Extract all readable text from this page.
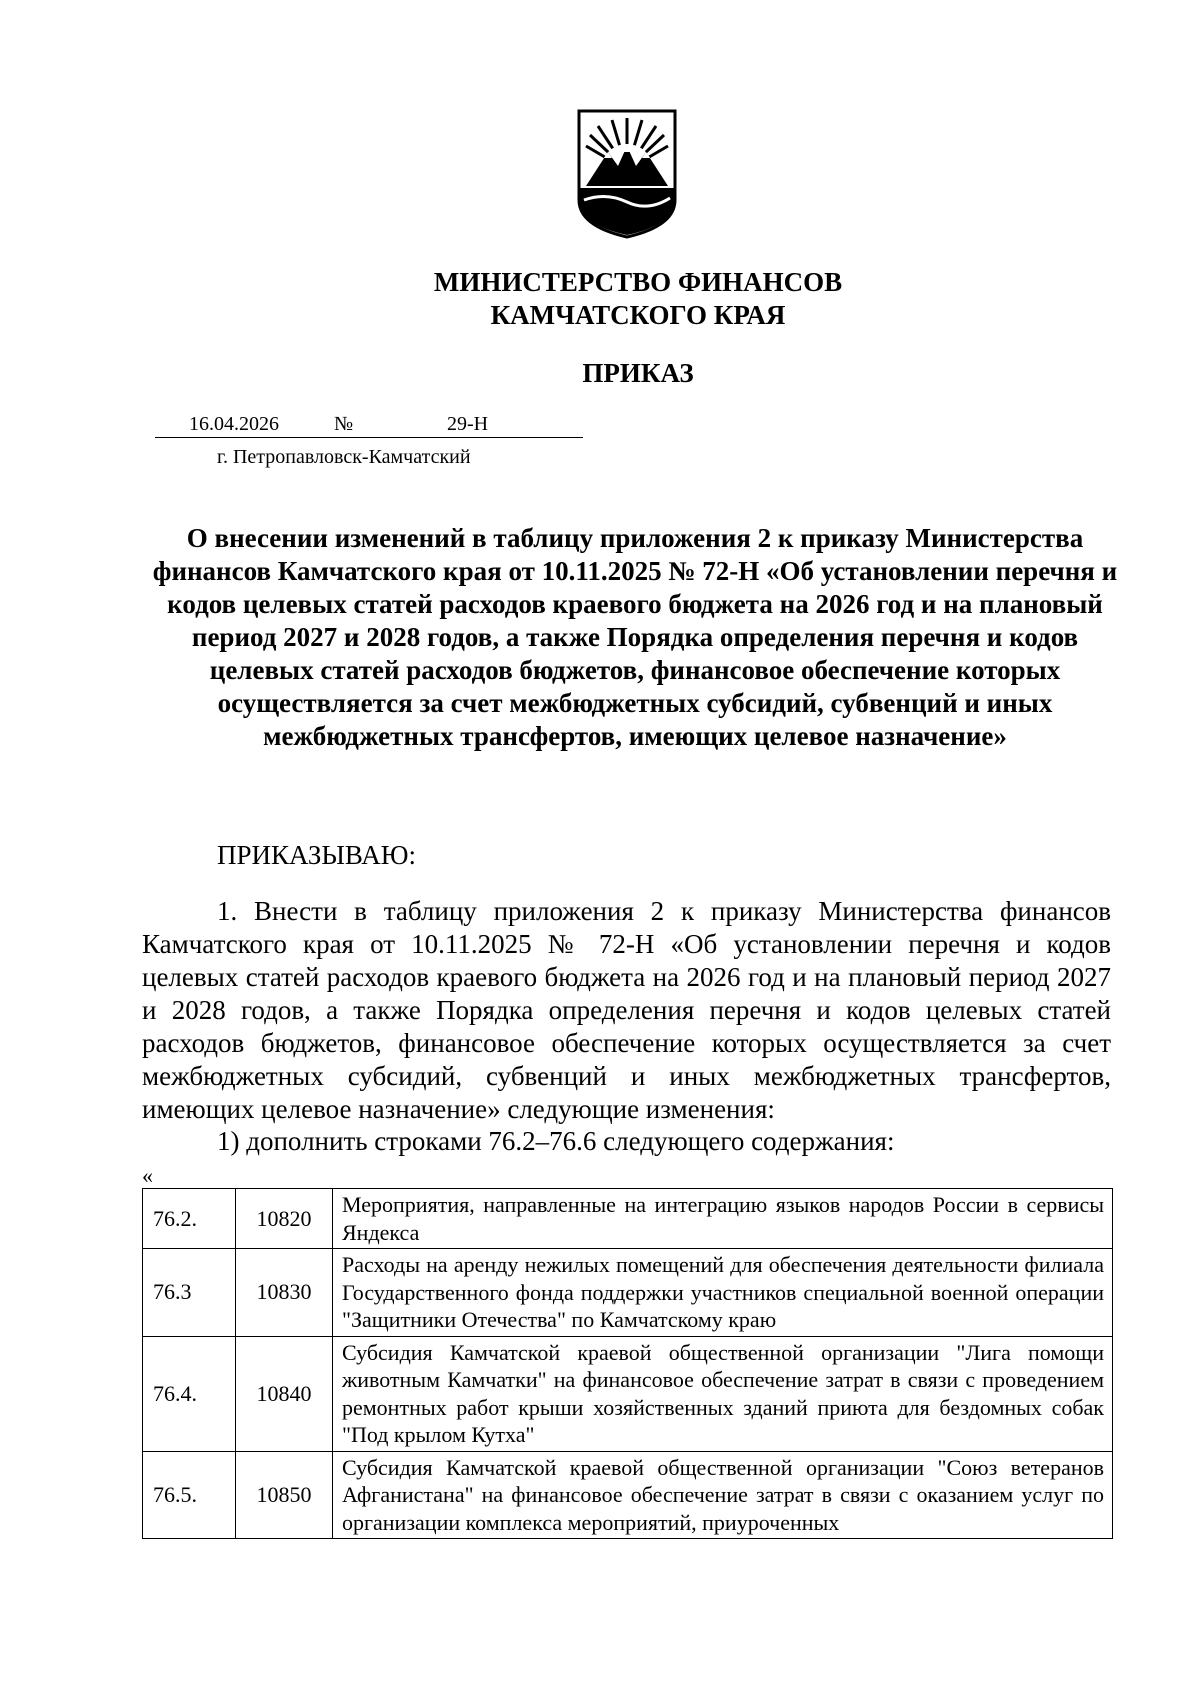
МИНИСТЕРСТВО ФИНАНСОВ
КАМЧАТСКОГО КРАЯ
ПРИКАЗ
16.04.2026	№	29-Н
г. Петропавловск-Камчатский
О внесении изменений в таблицу приложения 2 к приказу Министерства финансов Камчатского края от 10.11.2025 № 72-Н «Об установлении перечня и кодов целевых статей расходов краевого бюджета на 2026 год и на плановый период 2027 и 2028 годов, а также Порядка определения перечня и кодов целевых статей расходов бюджетов, финансовое обеспечение которых осуществляется за счет межбюджетных субсидий, субвенций и иных межбюджетных трансфертов, имеющих целевое назначение»
ПРИКАЗЫВАЮ:
1. Внести в таблицу приложения 2 к приказу Министерства финансов Камчатского края от 10.11.2025 № 72-Н «Об установлении перечня и кодов целевых статей расходов краевого бюджета на 2026 год и на плановый период 2027 и 2028 годов, а также Порядка определения перечня и кодов целевых статей расходов бюджетов, финансовое обеспечение которых осуществляется за счет межбюджетных субсидий, субвенций и иных межбюджетных трансфертов, имеющих целевое назначение» следующие изменения:
1) дополнить строками 76.2–76.6 следующего содержания:
«
76.2.	10820	Мероприятия, направленные на интеграцию языков народов России в сервисы Яндекса
76.3	10830	Расходы на аренду нежилых помещений для обеспечения деятельности филиала Государственного фонда поддержки участников специальной военной операции "Защитники Отечества" по Камчатскому краю
76.4.	10840	Субсидия Камчатской краевой общественной организации "Лига помощи животным Камчатки" на финансовое обеспечение затрат в связи с проведением ремонтных работ крыши хозяйственных зданий приюта для бездомных собак "Под крылом Кутха"
76.5.	10850	Субсидия Камчатской краевой общественной организации "Союз ветеранов Афганистана" на финансовое обеспечение затрат в связи с оказанием услуг по организации комплекса мероприятий, приуроченных
